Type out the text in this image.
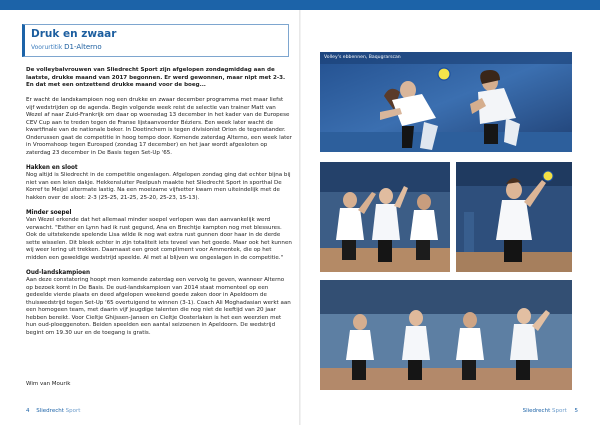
Druk en zwaar
Voorurtitik D1-Alterno

De volleybalvrouwen van Sliedrecht Sport zijn afgelopen zondagmiddag aan de laatste, drukke maand van 2017 begonnen. Er werd gewonnen, maar nipt met 2-3. En dat met een ontzettend drukke maand voor de boeg...

Er wacht de landskampioen nog een drukke en zwaar december programma met maar liefst vijf wedstrijden op de agenda. Begin volgende week reist de selectie van trainer Matt van Wezel af naar Zuid-Frankrijk om daar op woensdag 13 december in het kader van de Europese CEV Cup aan te treden tegen de Franse lijstaanvoerder Béziers. Een week later wacht de kwartfinale van de nationale beker. In Doetinchem is tegen divisionist Orion de tegenstander. Onderussen gaat de competitie in hoog tempo door. Komende zaterdag Alterno, een week later in Vroomshoop tegen Eurosped (zondag 17 december) en het jaar wordt afgesloten op zaterdag 23 december in De Basis tegen Set-Up '65.

Hakken en sloot

Nog altijd is Sliedrecht in de competitie ongeslagen. Afgelopen zondag ging dat echter bijna bij niet van een leien dakje. Hekkensluiter Peelpush maakte het Sliedrecht Sport in sporthal De Korref te Meijel uitermate lastig. Na een moeizame vijfsetter kwam men uiteindelijk met de hakken over de sloot: 2-3 (25-25, 21-25, 25-20, 25-23, 15-13).

Minder soepel

Van Wezel erkende dat het allemaal minder soepel verlopen was dan aanvankelijk werd verwacht. "Esther en Lynn had ik rust gegund, Ana en Brechtje kampten nog met blessures. Ook de uitstekende spelende Lisa wilde ik nog wat extra rust gunnen door haar in de derde sette wisselen. Dit bleek echter in zijn totaliteit iets teveel van het goede. Maar ook het kunnen wij weer lering uit trekken. Daarnaast een groot compliment voor Ammentek, die op het midden een geweldige wedstrijd speelde. Al met al blijven we ongeslagen in de competitie."

Oud-landskampioen

Aan deze constatering hoopt men komende zaterdag een vervolg te geven, wanneer Alterno op bezoek komt in De Basis. De oud-landskampioen van 2014 staat momenteel op een gedeelde vierde plaats en deed afgelopen weekend goede zaken door in Apeldoorn de thuiswedstrijd tegen Set-Up '65 overtuigend te winnen (3-1). Coach Ali Moghadasian werkt aan een homogeen team, met daarin vijf jeugdige talenten die nog niet de leeftijd van 20 jaar hebben bereikt. Voor Cieltje Ghijssen-Jansen en Cieltje Oosterlaken is het een weerzien met hun oud-ploeggenoten. Beiden speelden een aantal seizoenen in Apeldoorn. De wedstrijd begint om 19.30 uur en de toegang is gratis.

Wim van Mourik
4 Sliedrecht Sport
Volley's ebbennen, Baqugrarscan
Sliedrecht Sport 5
